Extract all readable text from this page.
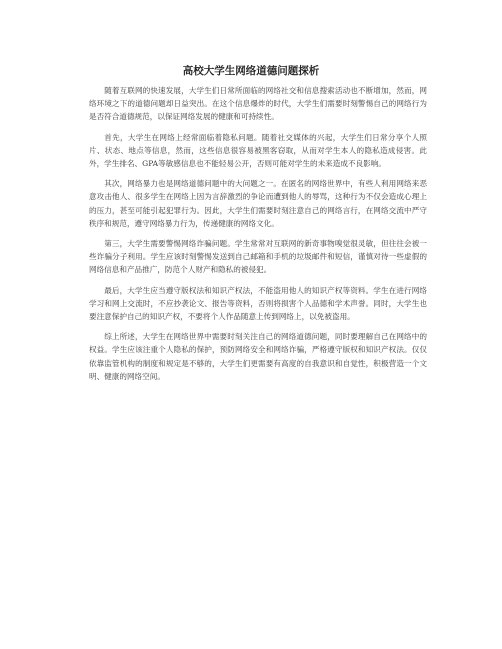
高校大学生网络道德问题探析

随着互联网的快速发展，大学生们日常所面临的网络社交和信息搜索活动也不断增加，然而，网络环境之下的道德问题却日益突出。在这个信息爆炸的时代，大学生们需要时刻警惕自己的网络行为是否符合道德规范，以保证网络发展的健康和可持续性。

首先，大学生在网络上经常面临着隐私问题。随着社交媒体的兴起，大学生们日常分享个人照片、状态、地点等信息，然而，这些信息很容易被黑客窃取，从而对学生本人的隐私造成侵害。此外，学生排名、GPA等敏感信息也不能轻易公开，否则可能对学生的未来造成不良影响。

其次，网络暴力也是网络道德问题中的大问题之一。在匿名的网络世界中，有些人利用网络来恶意攻击他人、很多学生在网络上因为言辞激烈的争论而遭到他人的辱骂，这种行为不仅会造成心理上的压力，甚至可能引起犯罪行为。因此，大学生们需要时刻注意自己的网络言行，在网络交流中严守秩序和规范，遵守网络暴力行为，传递健康的网络文化。

第三，大学生需要警惕网络诈骗问题。学生常常对互联网的新奇事物嗅觉很灵敏，但往往会被一些诈骗分子利用。学生应该时刻警惕发送到自己邮箱和手机的垃圾邮件和短信，谨慎对待一些虚假的网络信息和产品推广，防范个人财产和隐私的被侵犯。

最后，大学生应当遵守版权法和知识产权法，不能盗用他人的知识产权等资料。学生在进行网络学习和网上交流时，不应抄袭论文、报告等资料，否则将损害个人品德和学术声誉。同时，大学生也要注意保护自己的知识产权，不要将个人作品随意上传到网络上，以免被盗用。

综上所述，大学生在网络世界中需要时刻关注自己的网络道德问题，同时要理解自己在网络中的权益。学生应该注重个人隐私的保护，预防网络安全和网络诈骗，严格遵守版权和知识产权法。仅仅依靠监管机构的制度和规定是不够的，大学生们更需要有高度的自我意识和自觉性，积极营造一个文明、健康的网络空间。
